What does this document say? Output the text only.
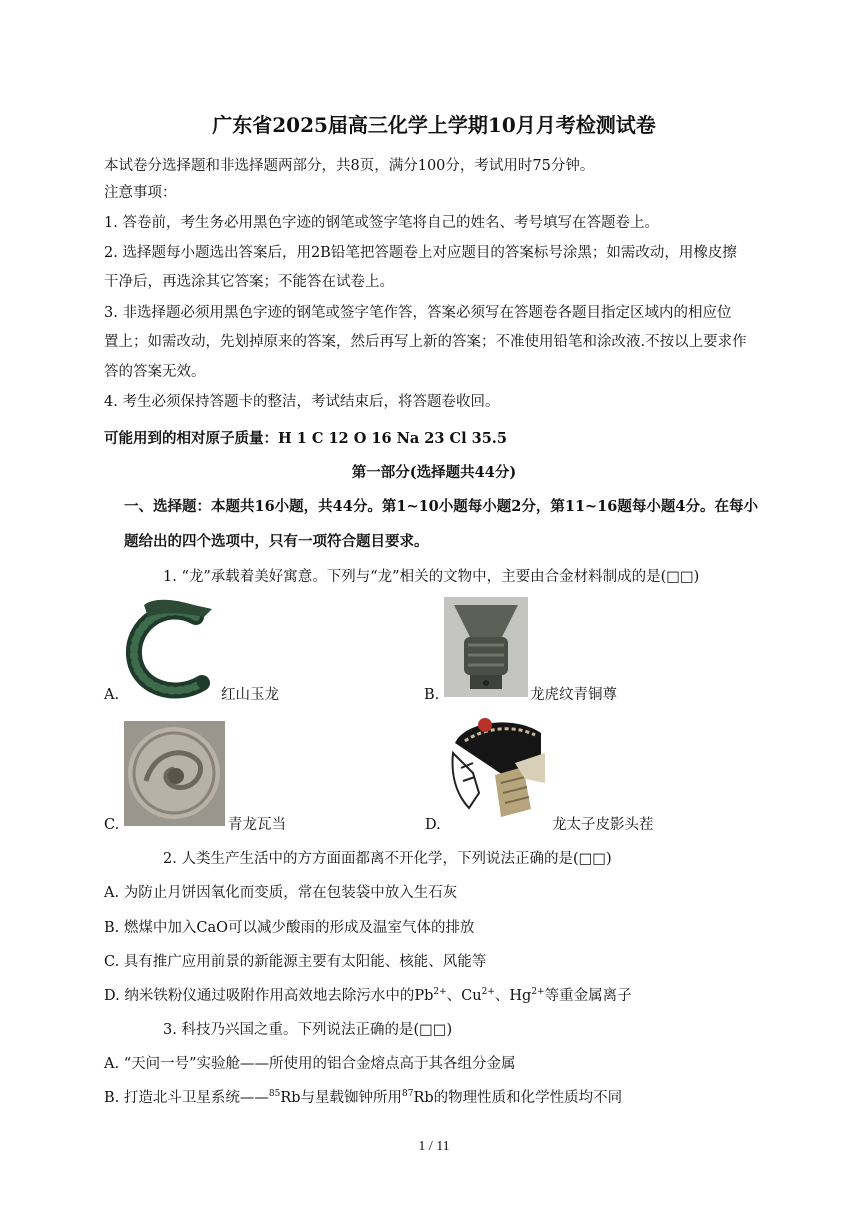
广东省2025届高三化学上学期10月月考检测试卷
本试卷分选择题和非选择题两部分，共8页，满分100分，考试用时75分钟。
注意事项：
1. 答卷前，考生务必用黑色字迹的钢笔或签字笔将自己的姓名、考号填写在答题卷上。
2. 选择题每小题选出答案后，用2B铅笔把答题卷上对应题目的答案标号涂黑；如需改动，用橡皮擦
干净后，再选涂其它答案；不能答在试卷上。
3. 非选择题必须用黑色字迹的钢笔或签字笔作答，答案必须写在答题卷各题目指定区域内的相应位
置上；如需改动，先划掉原来的答案，然后再写上新的答案；不准使用铅笔和涂改液.不按以上要求作
答的答案无效。
4. 考生必须保持答题卡的整洁，考试结束后，将答题卷收回。
可能用到的相对原子质量：H 1 C 12 O 16 Na 23 Cl 35.5
第一部分(选择题共44分)
一、选择题：本题共16小题，共44分。第1~10小题每小题2分，第11~16题每小题4分。在每小
题给出的四个选项中，只有一项符合题目要求。
1. “龙”承载着美好寓意。下列与“龙”相关的文物中，主要由合金材料制成的是(□□)
A.	红山玉龙	B.	龙虎纹青铜尊
C.	青龙瓦当	D.	龙太子皮影头茬
2. 人类生产生活中的方方面面都离不开化学，下列说法正确的是(□□)
A. 为防止月饼因氧化而变质，常在包装袋中放入生石灰
B. 燃煤中加入CaO可以减少酸雨的形成及温室气体的排放
C. 具有推广应用前景的新能源主要有太阳能、核能、风能等
D. 纳米铁粉仪通过吸附作用高效地去除污水中的$Pb^{2+}$、$Cu^{2+}$、$Hg^{2+}$等重金属离子
3. 科技乃兴国之重。下列说法正确的是(□□)
A. “天问一号”实验舱——所使用的铝合金熔点高于其各组分金属
B. 打造北斗卫星系统——$^{85}$Rb与星载铷钟所用$^{87}$Rb的物理性质和化学性质均不同
1 / 11
